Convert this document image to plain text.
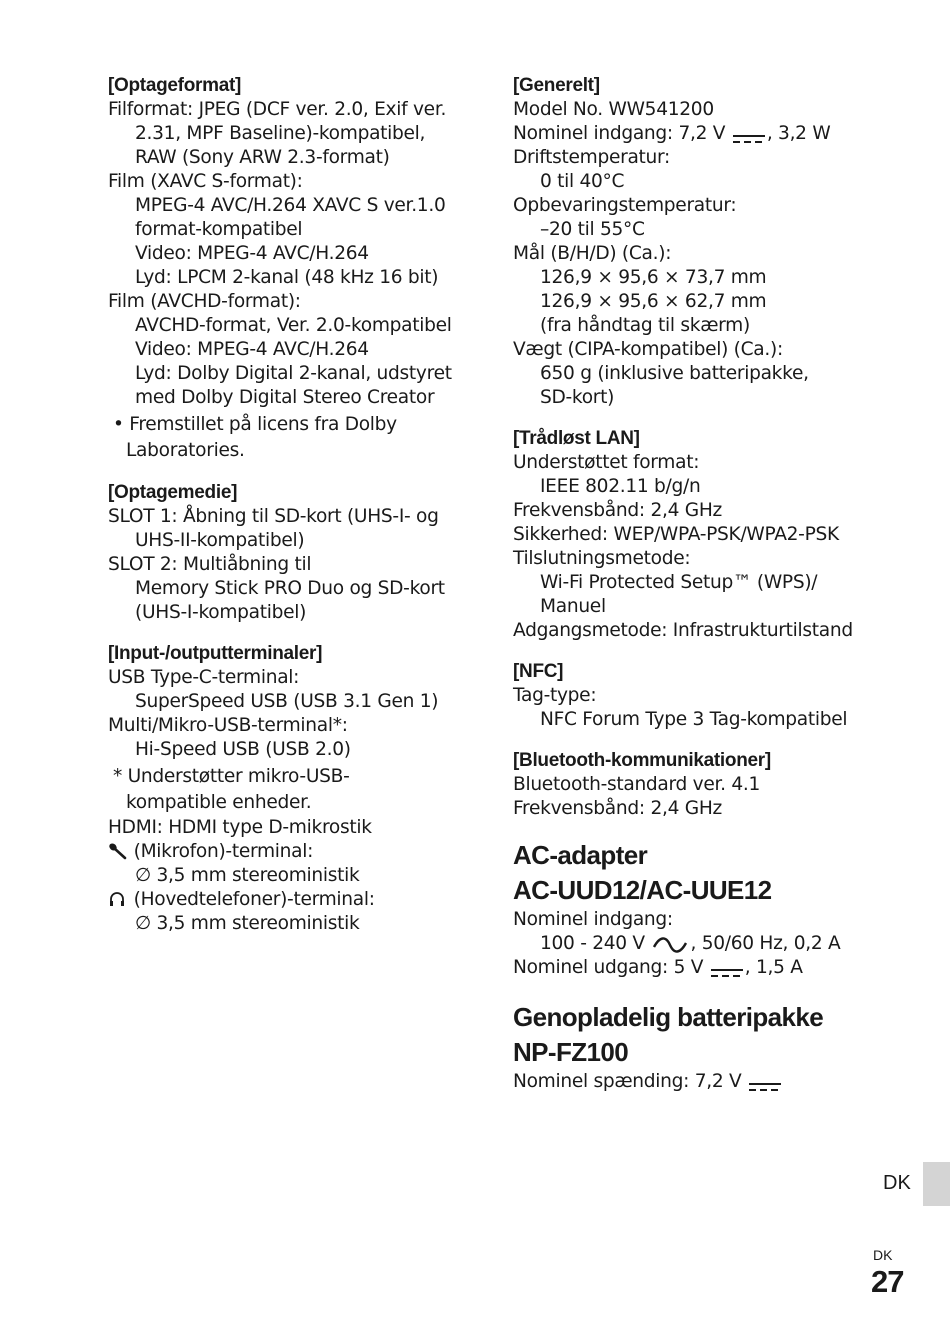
[Optageformat]
Filformat: JPEG (DCF ver. 2.0, Exif ver.
2.31, MPF Baseline)-kompatibel,
RAW (Sony ARW 2.3-format)
Film (XAVC S-format):
MPEG-4 AVC/H.264 XAVC S ver.1.0
format-kompatibel
Video: MPEG-4 AVC/H.264
Lyd: LPCM 2-kanal (48 kHz 16 bit)
Film (AVCHD-format):
AVCHD-format, Ver. 2.0-kompatibel
Video: MPEG-4 AVC/H.264
Lyd: Dolby Digital 2-kanal, udstyret
med Dolby Digital Stereo Creator
• Fremstillet på licens fra Dolby
Laboratories.
[Optagemedie]
SLOT 1: Åbning til SD-kort (UHS-I- og
UHS-II-kompatibel)
SLOT 2: Multiåbning til
Memory Stick PRO Duo og SD-kort
(UHS-I-kompatibel)
[Input-/outputterminaler]
USB Type-C-terminal:
SuperSpeed USB (USB 3.1 Gen 1)
Multi/Mikro-USB-terminal*:
Hi-Speed USB (USB 2.0)
* Understøtter mikro-USB-
kompatible enheder.
HDMI: HDMI type D-mikrostik
(Mikrofon)-terminal:
∅ 3,5 mm stereoministik
(Hovedtelefoner)-terminal:
∅ 3,5 mm stereoministik
[Generelt]
Model No. WW541200
Nominel indgang: 7,2 V , 3,2 W
Driftstemperatur:
0 til 40°C
Opbevaringstemperatur:
–20 til 55°C
Mål (B/H/D) (Ca.):
126,9 × 95,6 × 73,7 mm
126,9 × 95,6 × 62,7 mm
(fra håndtag til skærm)
Vægt (CIPA-kompatibel) (Ca.):
650 g (inklusive batteripakke,
SD-kort)
[Trådløst LAN]
Understøttet format:
IEEE 802.11 b/g/n
Frekvensbånd: 2,4 GHz
Sikkerhed: WEP/WPA-PSK/WPA2-PSK
Tilslutningsmetode:
Wi-Fi Protected Setup™ (WPS)/
Manuel
Adgangsmetode: Infrastrukturtilstand
[NFC]
Tag-type:
NFC Forum Type 3 Tag-kompatibel
[Bluetooth-kommunikationer]
Bluetooth-standard ver. 4.1
Frekvensbånd: 2,4 GHz
AC-adapter
AC-UUD12/AC-UUE12
Nominel indgang:
100 - 240 V , 50/60 Hz, 0,2 A
Nominel udgang: 5 V , 1,5 A
Genopladelig batteripakke
NP-FZ100
Nominel spænding: 7,2 V
DK
DK
27
